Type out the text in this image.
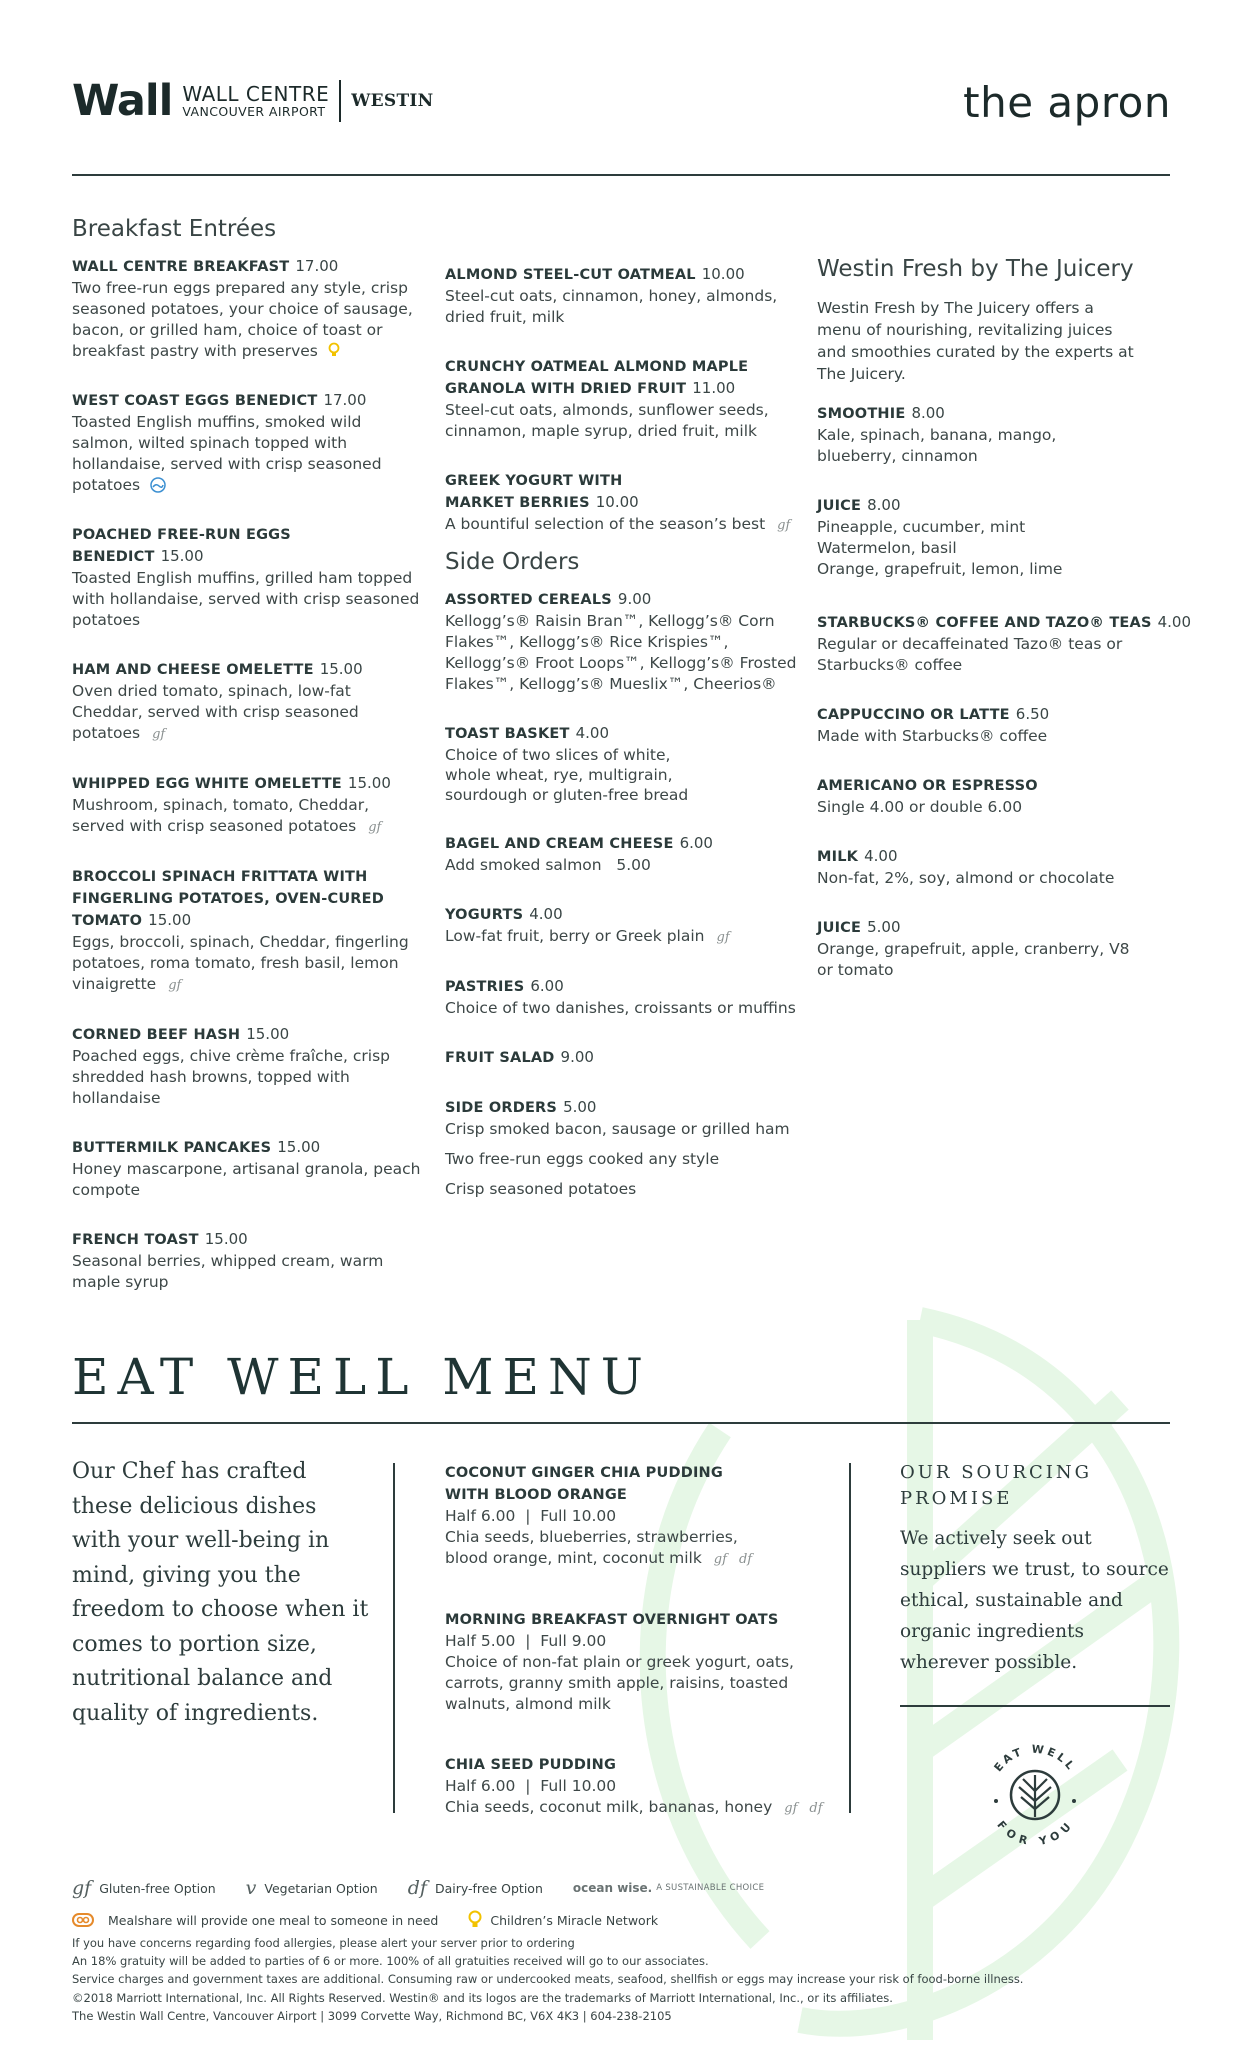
Wall WALL CENTRE
VANCOUVER AIRPORT
WESTIN	the apron
Breakfast Entrées
WALL CENTRE BREAKFAST 17.00
Two free-run eggs prepared any style, crisp seasoned potatoes, your choice of sausage, bacon, or grilled ham, choice of toast or breakfast pastry with preserves
WEST COAST EGGS BENEDICT 17.00
Toasted English muffins, smoked wild salmon, wilted spinach topped with hollandaise, served with crisp seasoned potatoes
POACHED FREE-RUN EGGS BENEDICT 15.00
Toasted English muffins, grilled ham topped with hollandaise, served with crisp seasoned potatoes
HAM AND CHEESE OMELETTE 15.00
Oven dried tomato, spinach, low-fat Cheddar, served with crisp seasoned potatoes gf
WHIPPED EGG WHITE OMELETTE 15.00
Mushroom, spinach, tomato, Cheddar, served with crisp seasoned potatoes gf
BROCCOLI SPINACH FRITTATA WITH FINGERLING POTATOES, OVEN-CURED TOMATO 15.00
Eggs, broccoli, spinach, Cheddar, fingerling potatoes, roma tomato, fresh basil, lemon vinaigrette gf
CORNED BEEF HASH 15.00
Poached eggs, chive crème fraîche, crisp shredded hash browns, topped with hollandaise
BUTTERMILK PANCAKES 15.00
Honey mascarpone, artisanal granola, peach compote
FRENCH TOAST 15.00
Seasonal berries, whipped cream, warm maple syrup
ALMOND STEEL-CUT OATMEAL 10.00
Steel-cut oats, cinnamon, honey, almonds, dried fruit, milk
CRUNCHY OATMEAL ALMOND MAPLE GRANOLA WITH DRIED FRUIT 11.00
Steel-cut oats, almonds, sunflower seeds, cinnamon, maple syrup, dried fruit, milk
GREEK YOGURT WITH MARKET BERRIES 10.00
A bountiful selection of the season’s best gf
Side Orders
ASSORTED CEREALS 9.00
Kellogg’s® Raisin Bran™, Kellogg’s® Corn Flakes™, Kellogg’s® Rice Krispies™, Kellogg’s® Froot Loops™, Kellogg’s® Frosted Flakes™, Kellogg’s® Mueslix™, Cheerios®
TOAST BASKET 4.00
Choice of two slices of white, whole wheat, rye, multigrain, sourdough or gluten-free bread
BAGEL AND CREAM CHEESE 6.00
Add smoked salmon   5.00
YOGURTS 4.00
Low-fat fruit, berry or Greek plain gf
PASTRIES 6.00
Choice of two danishes, croissants or muffins
FRUIT SALAD 9.00
SIDE ORDERS 5.00
Crisp smoked bacon, sausage or grilled ham
Two free-run eggs cooked any style
Crisp seasoned potatoes
Westin Fresh by The Juicery
Westin Fresh by The Juicery offers a menu of nourishing, revitalizing juices and smoothies curated by the experts at The Juicery.
SMOOTHIE 8.00
Kale, spinach, banana, mango, blueberry, cinnamon
JUICE 8.00
Pineapple, cucumber, mint
Watermelon, basil
Orange, grapefruit, lemon, lime
STARBUCKS® COFFEE AND TAZO® TEAS 4.00
Regular or decaffeinated Tazo® teas or Starbucks® coffee
CAPPUCCINO OR LATTE 6.50
Made with Starbucks® coffee
AMERICANO OR ESPRESSO
Single 4.00 or double 6.00
MILK 4.00
Non-fat, 2%, soy, almond or chocolate
JUICE 5.00
Orange, grapefruit, apple, cranberry, V8 or tomato
EAT WELL MENU
Our Chef has crafted these delicious dishes with your well-being in mind, giving you the freedom to choose when it comes to portion size, nutritional balance and quality of ingredients.
COCONUT GINGER CHIA PUDDING WITH BLOOD ORANGE
Half 6.00  |  Full 10.00
Chia seeds, blueberries, strawberries, blood orange, mint, coconut milk gf df
MORNING BREAKFAST OVERNIGHT OATS
Half 5.00  |  Full 9.00
Choice of non-fat plain or greek yogurt, oats, carrots, granny smith apple, raisins, toasted walnuts, almond milk
CHIA SEED PUDDING
Half 6.00  |  Full 10.00
Chia seeds, coconut milk, bananas, honey gf df
OUR SOURCING PROMISE
We actively seek out suppliers we trust, to source ethical, sustainable and organic ingredients wherever possible.
EAT WELL
FOR YOU
gf Gluten-free Option v Vegetarian Option df Dairy-free Option	ocean wise. A SUSTAINABLE CHOICE
Mealshare will provide one meal to someone in need	Children’s Miracle Network
If you have concerns regarding food allergies, please alert your server prior to ordering
An 18% gratuity will be added to parties of 6 or more. 100% of all gratuities received will go to our associates.
Service charges and government taxes are additional. Consuming raw or undercooked meats, seafood, shellfish or eggs may increase your risk of food-borne illness.
©2018 Marriott International, Inc. All Rights Reserved. Westin® and its logos are the trademarks of Marriott International, Inc., or its affiliates.
The Westin Wall Centre, Vancouver Airport | 3099 Corvette Way, Richmond BC, V6X 4K3 | 604-238-2105
